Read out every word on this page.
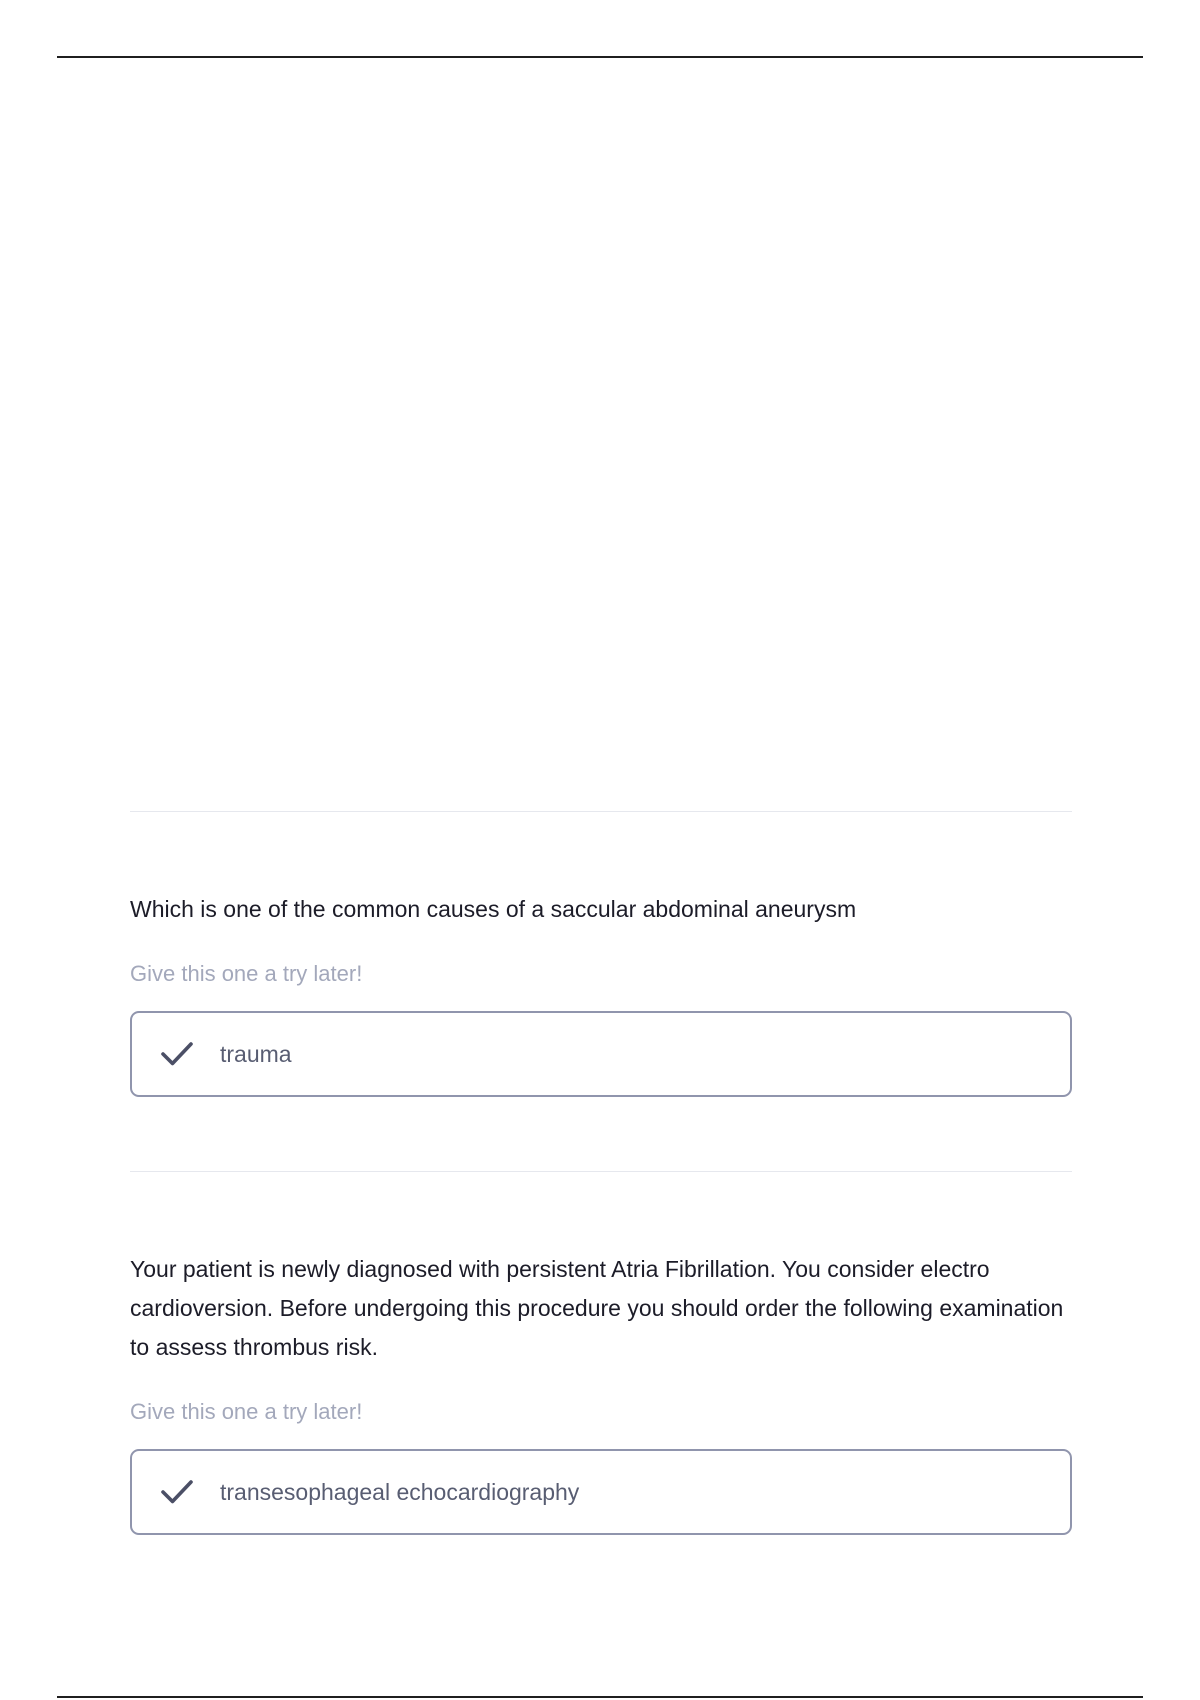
Which is one of the common causes of a saccular abdominal aneurysm

Give this one a try later!

trauma

Your patient is newly diagnosed with persistent Atria Fibrillation. You consider electro cardioversion. Before undergoing this procedure you should order the following examination to assess thrombus risk.

Give this one a try later!

transesophageal echocardiography
